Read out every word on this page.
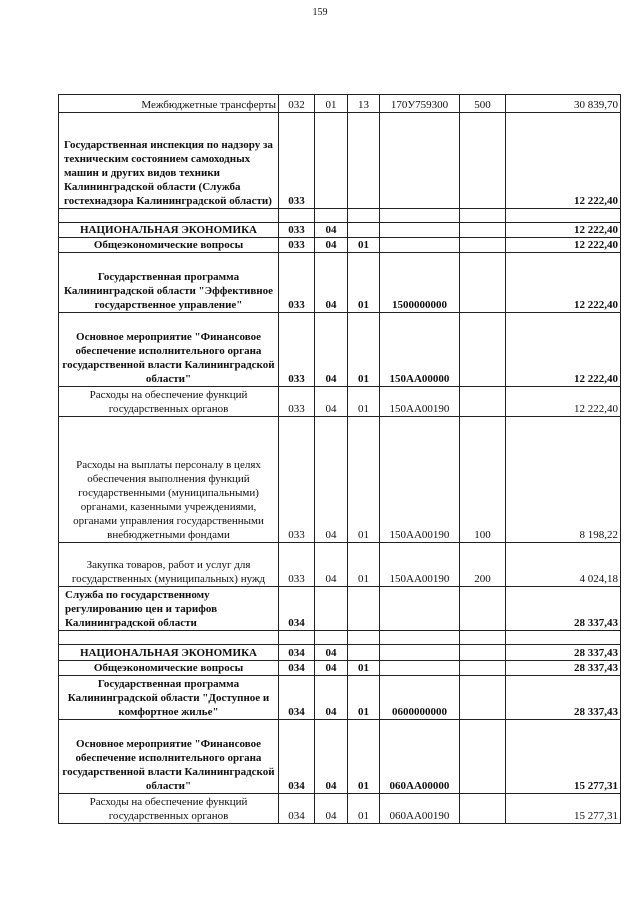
159
Межбюджетные трансферты	032	01	13	170У759300	500	30 839,70
Государственная инспекция по надзору за техническим состоянием самоходных машин и других видов техники Калининградской области (Служба гостехнадзора Калининградской области)	033					12 222,40

НАЦИОНАЛЬНАЯ ЭКОНОМИКА	033	04				12 222,40
Общеэкономические вопросы	033	04	01			12 222,40
Государственная программа Калининградской области "Эффективное государственное управление"	033	04	01	1500000000		12 222,40
Основное мероприятие "Финансовое обеспечение исполнительного органа государственной власти Калининградской области"	033	04	01	150АА00000		12 222,40
Расходы на обеспечение функций государственных органов	033	04	01	150АА00190		12 222,40
Расходы на выплаты персоналу в целях обеспечения выполнения функций государственными (муниципальными) органами, казенными учреждениями, органами управления государственными внебюджетными фондами	033	04	01	150АА00190	100	8 198,22
Закупка товаров, работ и услуг для государственных (муниципальных) нужд	033	04	01	150АА00190	200	4 024,18
Служба по государственному регулированию цен и тарифов Калининградской области	034					28 337,43

НАЦИОНАЛЬНАЯ ЭКОНОМИКА	034	04				28 337,43
Общеэкономические вопросы	034	04	01			28 337,43
Государственная программа Калининградской области "Доступное и комфортное жилье"	034	04	01	0600000000		28 337,43
Основное мероприятие "Финансовое обеспечение исполнительного органа государственной власти Калининградской области"	034	04	01	060АА00000		15 277,31
Расходы на обеспечение функций государственных органов	034	04	01	060АА00190		15 277,31
